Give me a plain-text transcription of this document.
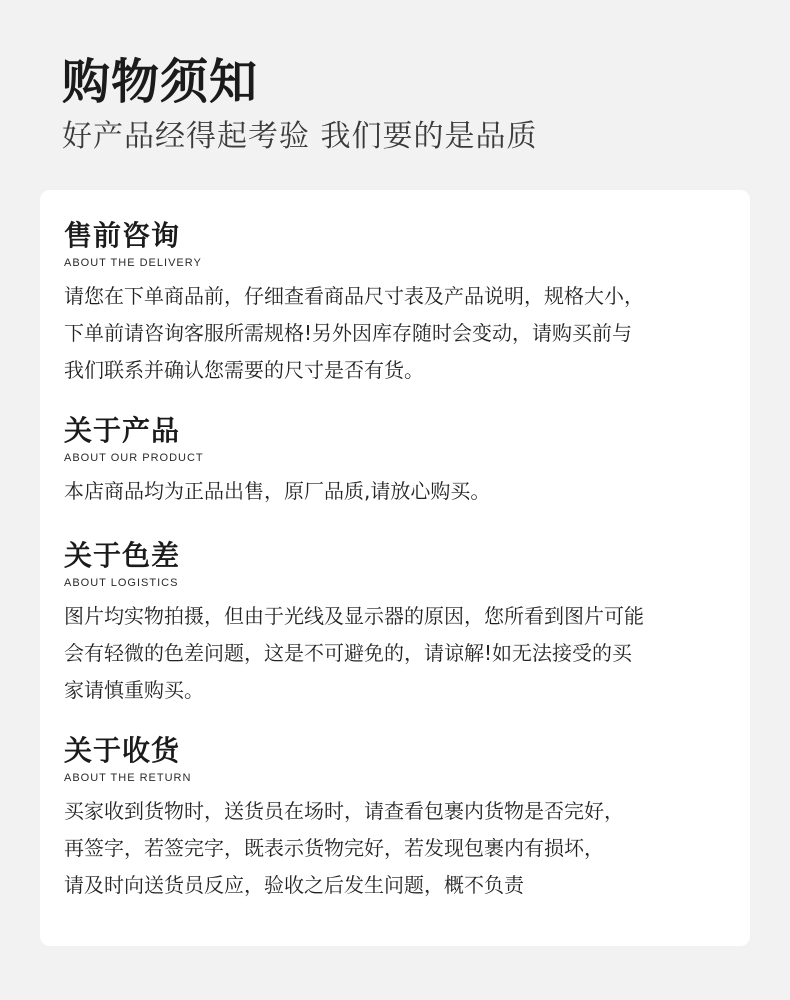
购物须知
好产品经得起考验 我们要的是品质
售前咨询
ABOUT THE DELIVERY

请您在下单商品前，仔细查看商品尺寸表及产品说明，规格大小，
下单前请咨询客服所需规格!另外因库存随时会变动，请购买前与
我们联系并确认您需要的尺寸是否有货。

关于产品
ABOUT OUR PRODUCT

本店商品均为正品出售，原厂品质,请放心购买。

关于色差
ABOUT LOGISTICS

图片均实物拍摄，但由于光线及显示器的原因，您所看到图片可能
会有轻微的色差问题，这是不可避免的，请谅解!如无法接受的买
家请慎重购买。

关于收货
ABOUT THE RETURN

买家收到货物时，送货员在场时，请查看包裹内货物是否完好，
再签字，若签完字，既表示货物完好，若发现包裹内有损坏，
请及时向送货员反应，验收之后发生问题，概不负责
